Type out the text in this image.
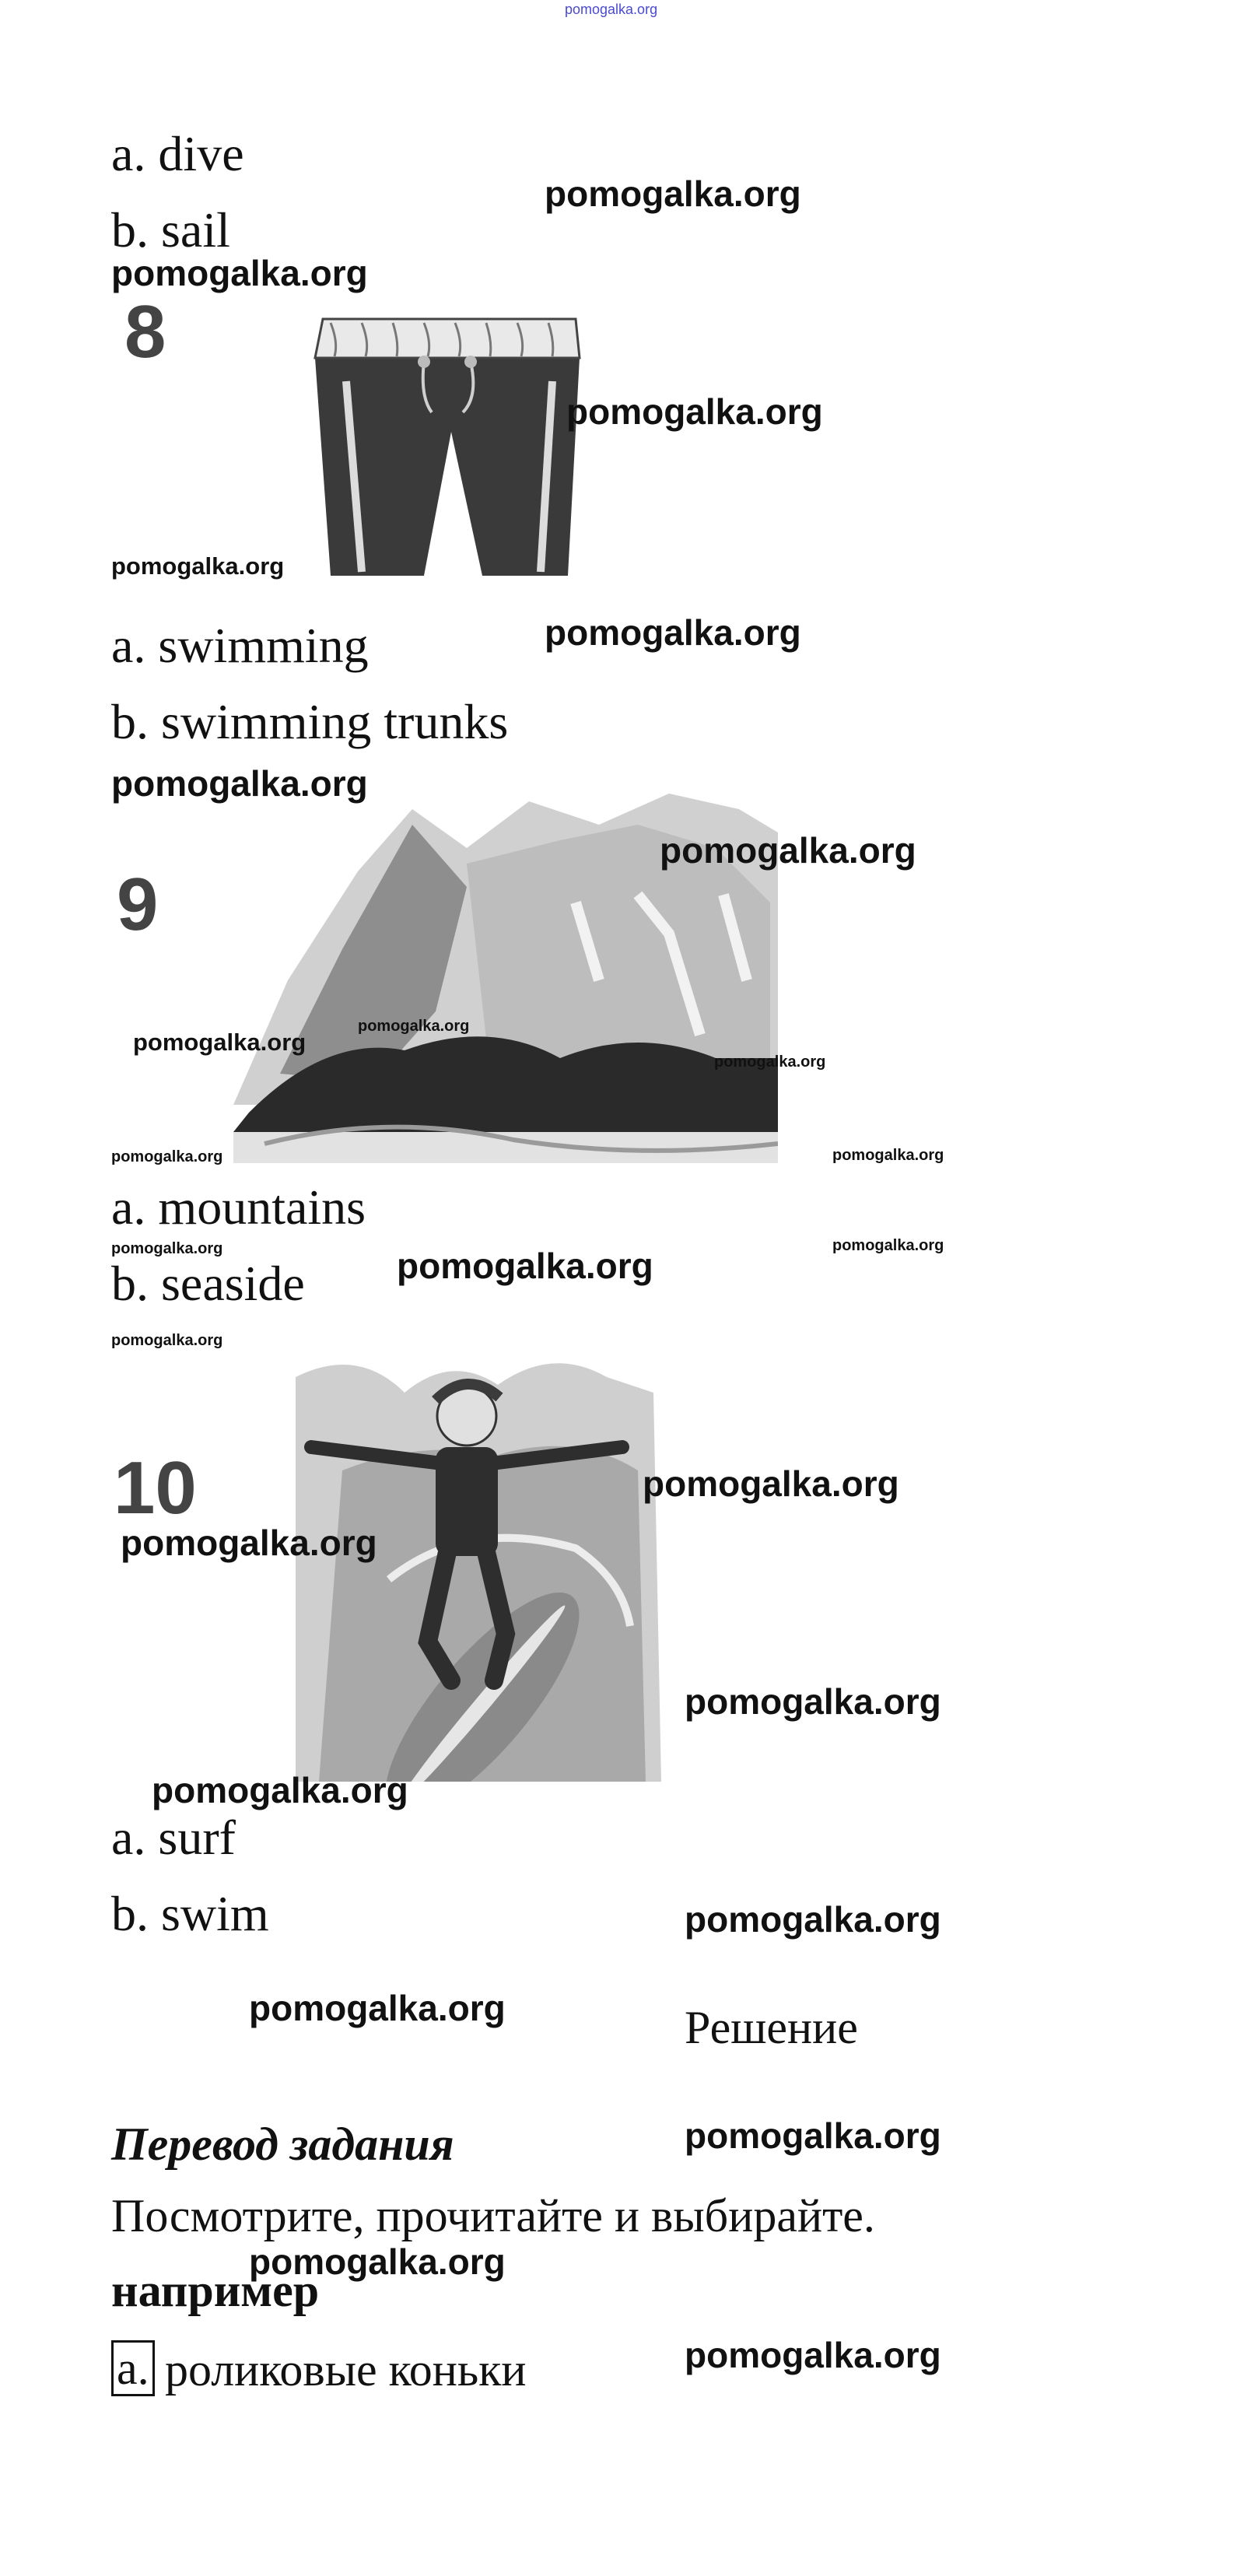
pomogalka.org
a. dive
b. sail
8
a. swimming
b. swimming trunks
9
a. mountains
b. seaside
10
a. surf
b. swim
Решение
Перевод задания
Посмотрите, прочитайте и выбирайте.
например
a. роликовые коньки
pomogalka.org
pomogalka.org
pomogalka.org
pomogalka.org
pomogalka.org
pomogalka.org
pomogalka.org
pomogalka.org
pomogalka.org
pomogalka.org
pomogalka.org	pomogalka.org
pomogalka.org	pomogalka.org
pomogalka.org
pomogalka.org
pomogalka.org
pomogalka.org
pomogalka.org
pomogalka.org
pomogalka.org
pomogalka.org
pomogalka.org
pomogalka.org
pomogalka.org
